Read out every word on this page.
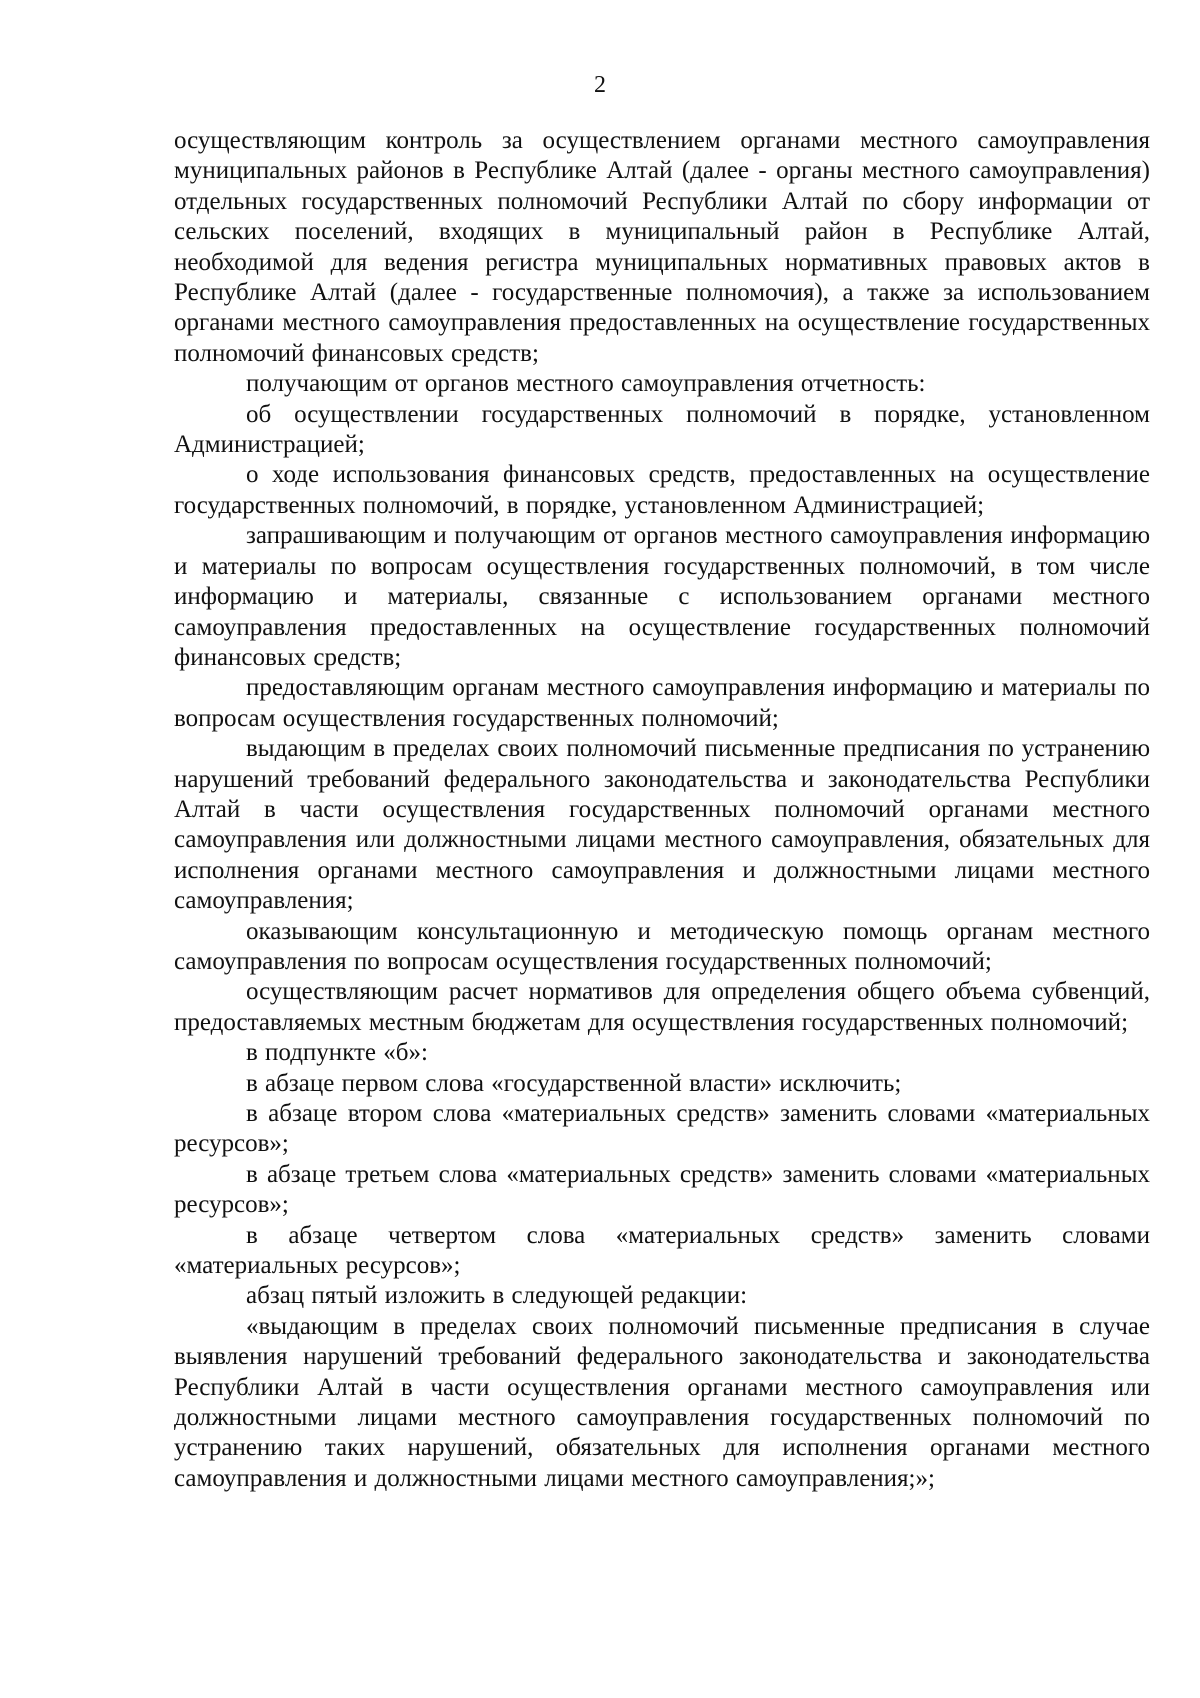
2

осуществляющим контроль за осуществлением органами местного самоуправления муниципальных районов в Республике Алтай (далее - органы местного самоуправления) отдельных государственных полномочий Республики Алтай по сбору информации от сельских поселений, входящих в муниципальный район в Республике Алтай, необходимой для ведения регистра муниципальных нормативных правовых актов в Республике Алтай (далее - государственные полномочия), а также за использованием органами местного самоуправления предоставленных на осуществление государственных полномочий финансовых средств;

получающим от органов местного самоуправления отчетность:

об осуществлении государственных полномочий в порядке, установленном Администрацией;

о ходе использования финансовых средств, предоставленных на осуществление государственных полномочий, в порядке, установленном Администрацией;

запрашивающим и получающим от органов местного самоуправления информацию и материалы по вопросам осуществления государственных полномочий, в том числе информацию и материалы, связанные с использованием органами местного самоуправления предоставленных на осуществление государственных полномочий финансовых средств;

предоставляющим органам местного самоуправления информацию и материалы по вопросам осуществления государственных полномочий;

выдающим в пределах своих полномочий письменные предписания по устранению нарушений требований федерального законодательства и законодательства Республики Алтай в части осуществления государственных полномочий органами местного самоуправления или должностными лицами местного самоуправления, обязательных для исполнения органами местного самоуправления и должностными лицами местного самоуправления;

оказывающим консультационную и методическую помощь органам местного самоуправления по вопросам осуществления государственных полномочий;

осуществляющим расчет нормативов для определения общего объема субвенций, предоставляемых местным бюджетам для осуществления государственных полномочий;

в подпункте «б»:

в абзаце первом слова «государственной власти» исключить;

в абзаце втором слова «материальных средств» заменить словами «материальных ресурсов»;

в абзаце третьем слова «материальных средств» заменить словами «материальных ресурсов»;

в абзаце четвертом слова «материальных средств» заменить словами «материальных ресурсов»;

абзац пятый изложить в следующей редакции:

«выдающим в пределах своих полномочий письменные предписания в случае выявления нарушений требований федерального законодательства и законодательства Республики Алтай в части осуществления органами местного самоуправления или должностными лицами местного самоуправления государственных полномочий по устранению таких нарушений, обязательных для исполнения органами местного самоуправления и должностными лицами местного самоуправления;»;
